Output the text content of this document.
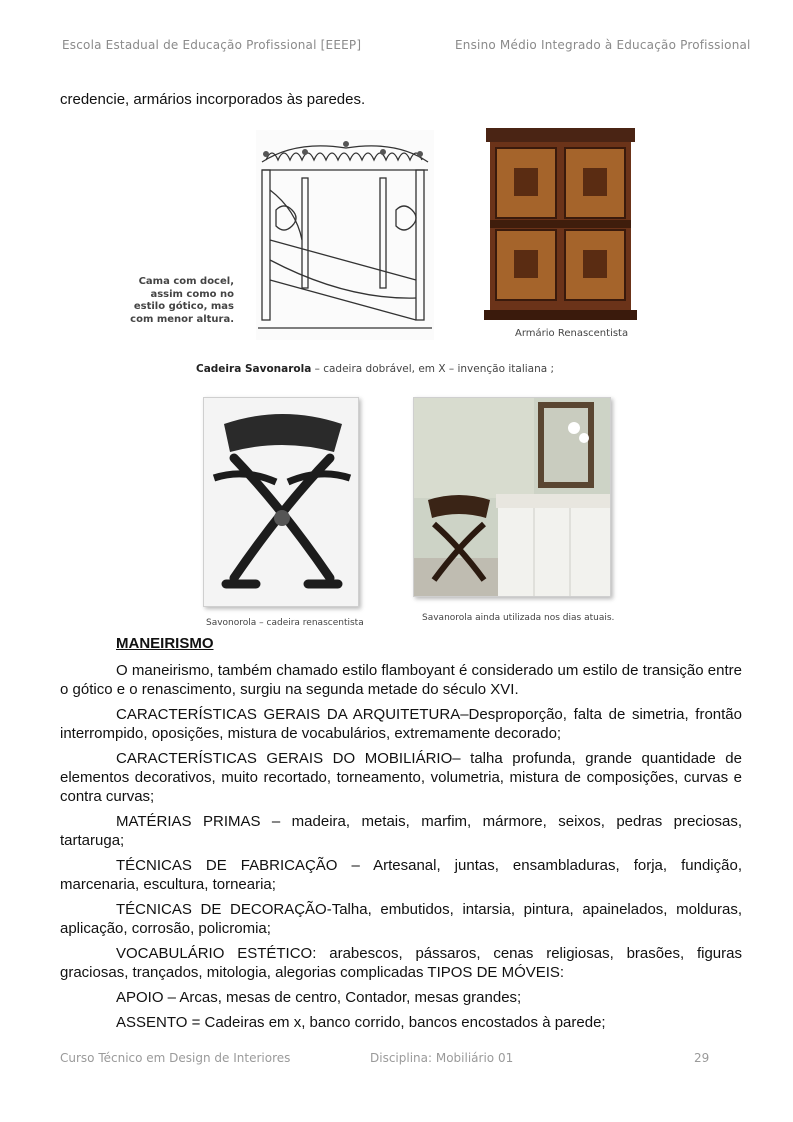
Escola Estadual de Educação Profissional [EEEP]	Ensino Médio Integrado à Educação Profissional
credencie, armários incorporados às paredes.
Cama com docel, assim como no estilo gótico, mas com menor altura.
Armário Renascentista
Cadeira Savonarola – cadeira dobrável, em X – invenção italiana ;
Savonorola – cadeira renascentista	Savanorola ainda utilizada nos dias atuais.

MANEIRISMO

O maneirismo, também chamado estilo flamboyant é considerado um estilo de transição entre o gótico e o renascimento, surgiu na segunda metade do século XVI.

CARACTERÍSTICAS GERAIS DA ARQUITETURA–Desproporção, falta de simetria, frontão interrompido, oposições, mistura de vocabulários, extremamente decorado;

CARACTERÍSTICAS GERAIS DO MOBILIÁRIO– talha profunda, grande quantidade de elementos decorativos, muito recortado, torneamento, volumetria, mistura de composições, curvas e contra curvas;

MATÉRIAS PRIMAS – madeira, metais, marfim, mármore, seixos, pedras preciosas, tartaruga;

TÉCNICAS DE FABRICAÇÃO – Artesanal, juntas, ensambladuras, forja, fundição, marcenaria, escultura, tornearia;

TÉCNICAS DE DECORAÇÃO-Talha, embutidos, intarsia, pintura, apainelados, molduras, aplicação, corrosão, policromia;

VOCABULÁRIO ESTÉTICO: arabescos, pássaros, cenas religiosas, brasões, figuras graciosas, trançados, mitologia, alegorias complicadas TIPOS DE MÓVEIS:

APOIO – Arcas, mesas de centro, Contador, mesas grandes;

ASSENTO = Cadeiras em x, banco corrido, bancos encostados à parede;

Curso Técnico em Design de Interiores	Disciplina: Mobiliário 01	29
